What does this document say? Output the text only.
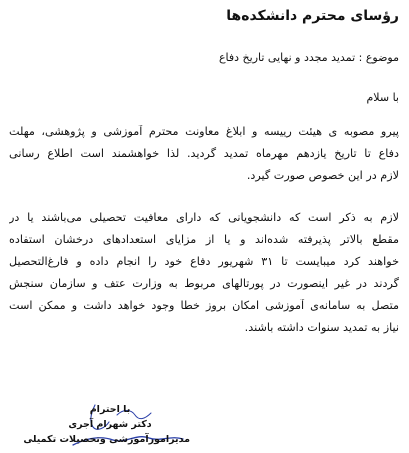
رؤسای محترم دانشکده‌ها
موضوع : تمدید مجدد و نهایی تاریخ دفاع
با سلام
پیرو مصوبه ی هیئت رییسه و ابلاغ معاونت محترم آموزشی و پژوهشی، مهلت
دفاع تا تاریخ یازدهم مهرماه تمدید گردید. لذا خواهشمند است اطلاع رسانی
لازم در این خصوص صورت گیرد.
لازم به ذکر است که دانشجویانی که دارای معافیت تحصیلی می‌باشند یا در
مقطع بالاتر پذیرفته شده‌اند و یا از مزایای استعدادهای درخشان استفاده
خواهند کرد میبایست تا ۳۱ شهریور دفاع خود را انجام داده و فارغ‌التحصیل
گردند در غیر اینصورت در پورتالهای مربوط به وزارت عتف و سازمان سنجش
متصل به سامانه‌ی آموزشی امکان بروز خطا وجود خواهد داشت و ممکن است
نیاز به تمدید سنوات داشته باشند.
با احترام
دکتر شهرام آجری
مدیرامورآموزشی وتحصیلات تکمیلی
